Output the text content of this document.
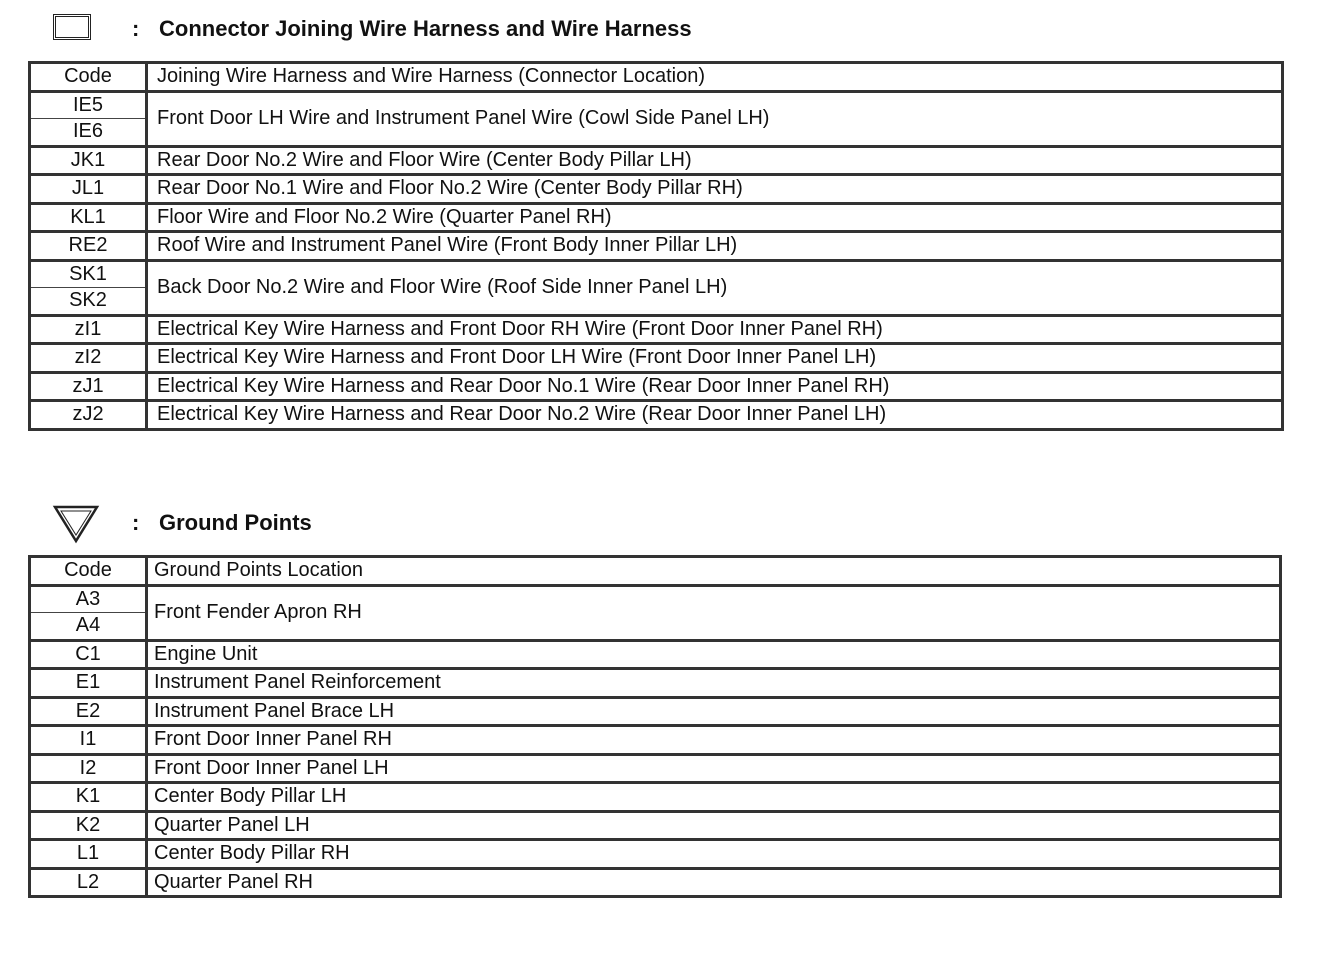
: Connector Joining Wire Harness and Wire Harness
Code	Joining Wire Harness and Wire Harness (Connector Location)
IE5	Front Door LH Wire and Instrument Panel Wire (Cowl Side Panel LH)
IE6	
JK1	Rear Door No.2 Wire and Floor Wire (Center Body Pillar LH)
JL1	Rear Door No.1 Wire and Floor No.2 Wire (Center Body Pillar RH)
KL1	Floor Wire and Floor No.2 Wire (Quarter Panel RH)
RE2	Roof Wire and Instrument Panel Wire (Front Body Inner Pillar LH)
SK1	Back Door No.2 Wire and Floor Wire (Roof Side Inner Panel LH)
SK2	
zI1	Electrical Key Wire Harness and Front Door RH Wire (Front Door Inner Panel RH)
zI2	Electrical Key Wire Harness and Front Door LH Wire (Front Door Inner Panel LH)
zJ1	Electrical Key Wire Harness and Rear Door No.1 Wire (Rear Door Inner Panel RH)
zJ2	Electrical Key Wire Harness and Rear Door No.2 Wire (Rear Door Inner Panel LH)
: Ground Points
Code	Ground Points Location
A3	Front Fender Apron RH
A4	
C1	Engine Unit
E1	Instrument Panel Reinforcement
E2	Instrument Panel Brace LH
I1	Front Door Inner Panel RH
I2	Front Door Inner Panel LH
K1	Center Body Pillar LH
K2	Quarter Panel LH
L1	Center Body Pillar RH
L2	Quarter Panel RH
